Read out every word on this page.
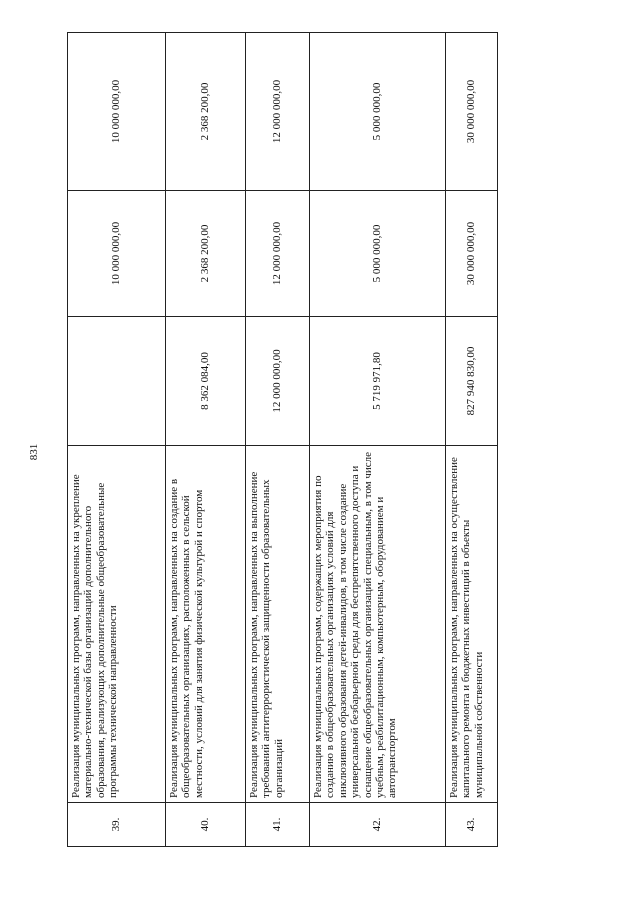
831
39.	Реализация муниципальных программ, направленных на укрепление материально-технической базы организаций дополнительного образования, реализующих дополнительные общеобразовательные программы технической направленности		10 000 000,00	10 000 000,00
40.	Реализация муниципальных программ, направленных на создание в общеобразовательных организациях, расположенных в сельской местности, условий для занятия физической культурой и спортом	8 362 084,00	2 368 200,00	2 368 200,00
41.	Реализация муниципальных программ, направленных на выполнение требований антитеррористической защищенности образовательных организаций	12 000 000,00	12 000 000,00	12 000 000,00
42.	Реализация муниципальных программ, содержащих мероприятия по созданию в общеобразовательных организациях условий для инклюзивного образования детей-инвалидов, в том числе создание универсальной безбарьерной среды для беспрепятственного доступа и оснащение общеобразовательных организаций специальным, в том числе учебным, реабилитационным, компьютерным, оборудованием и автотранспортом	5 719 971,80	5 000 000,00	5 000 000,00
43.	Реализация муниципальных программ, направленных на осуществление капитального ремонта и бюджетных инвестиций в объекты муниципальной собственности	827 940 830,00	30 000 000,00	30 000 000,00
